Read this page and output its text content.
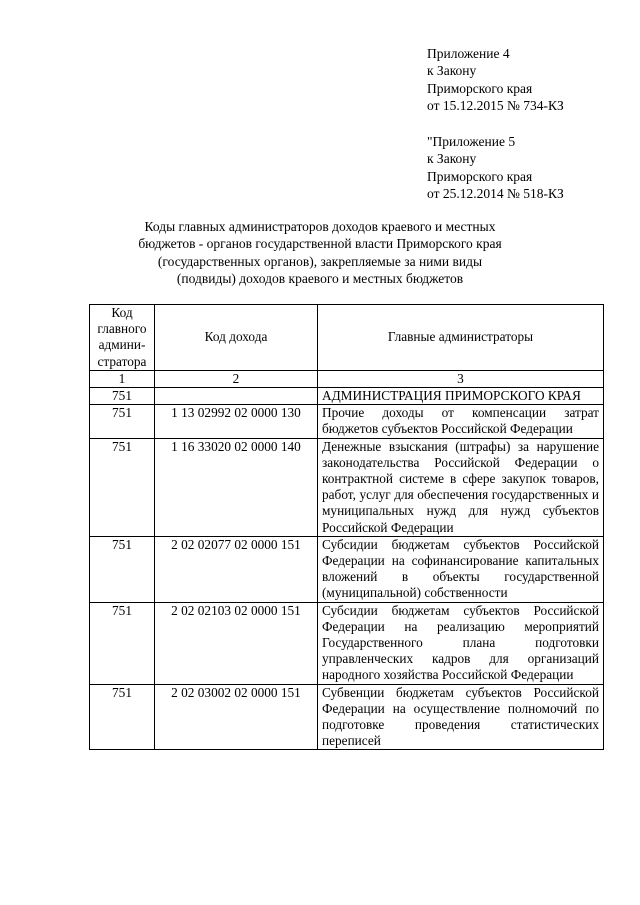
Приложение 4
к Закону
Приморского края
от 15.12.2015 № 734-КЗ
"Приложение 5
к Закону
Приморского края
от 25.12.2014 № 518-КЗ
Коды главных администраторов доходов краевого и местных
бюджетов - органов государственной власти Приморского края
(государственных органов), закрепляемые за ними виды
(подвиды) доходов краевого и местных бюджетов
Код
главного
админи-
стратора	Код дохода	Главные администраторы
1	2	3
751		АДМИНИСТРАЦИЯ ПРИМОРСКОГО КРАЯ
751	1 13 02992 02 0000 130	Прочие доходы от компенсации затрат бюджетов субъектов Российской Федерации
751	1 16 33020 02 0000 140	Денежные взыскания (штрафы) за нарушение законодательства Российской Федерации о контрактной системе в сфере закупок товаров, работ, услуг для обеспечения государственных и муниципальных нужд для нужд субъектов Российской Федерации
751	2 02 02077 02 0000 151	Субсидии бюджетам субъектов Российской Федерации на софинансирование капитальных вложений в объекты государственной (муниципальной) собственности
751	2 02 02103 02 0000 151	Субсидии бюджетам субъектов Российской Федерации на реализацию мероприятий Государственного плана подготовки управленческих кадров для организаций народного хозяйства Российской Федерации
751	2 02 03002 02 0000 151	Субвенции бюджетам субъектов Российской Федерации на осуществление полномочий по подготовке проведения статистических переписей
